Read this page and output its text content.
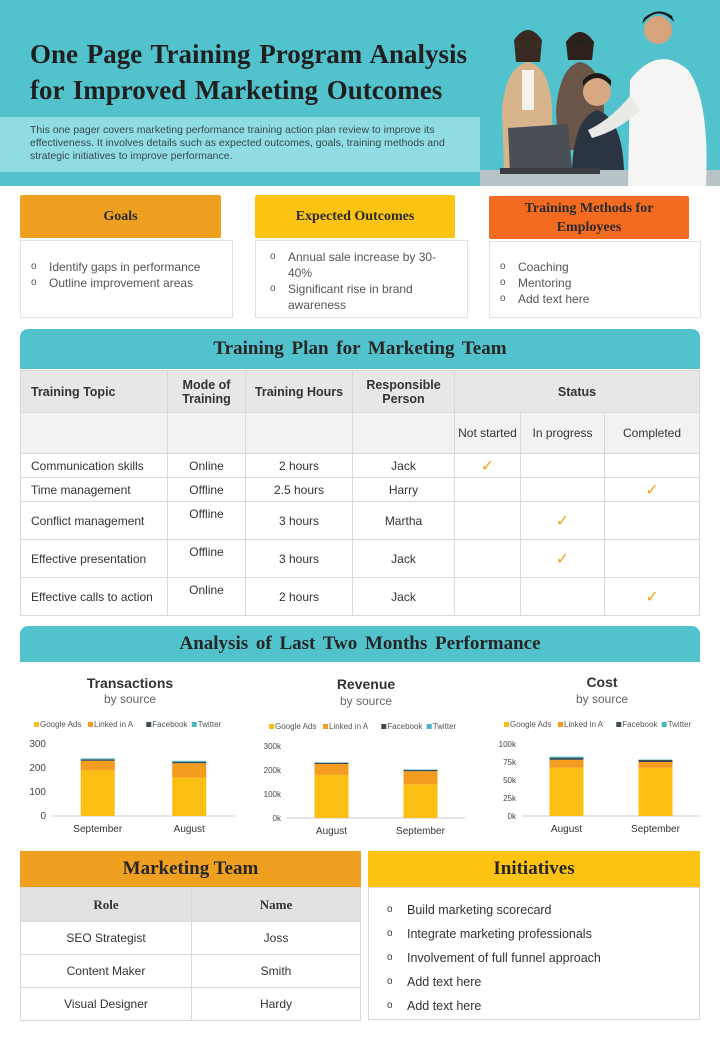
One Page Training Program Analysis for Improved Marketing Outcomes
This one pager covers marketing performance training action plan review to improve its effectiveness. It involves details such as expected outcomes, goals, training methods and strategic initiatives to improve performance.
Goals
o Identify gaps in performance
o Outline improvement areas
Expected Outcomes
o Annual sale increase by 30-40%
o Significant rise in brand awareness
Training Methods for Employees
o Coaching
o Mentoring
o Add text here
Training Plan for Marketing Team
Training Topic	Mode of Training	Training Hours	Responsible Person	Status		
				Not started	In progress	Completed
Communication skills	Online	2 hours	Jack	✓		
Time management	Offline	2.5 hours	Harry			✓
Conflict management	Offline	3 hours	Martha		✓	
Effective presentation	Offline	3 hours	Jack		✓	
Effective calls to action	Online	2 hours	Jack			✓
Analysis of Last Two Months Performance
Transactions
by source
Google Ads Linked in A Facebook Twitter
0
100
200
300
September	August
Revenue
by source
Google Ads Linked in A Facebook Twitter
0k
100k
200k
300k
August	September
Cost
by source
Google Ads Linked in A Facebook Twitter
0k
25k
50k
75k
100k
August	September
Marketing Team
Role	Name
SEO Strategist	Joss
Content Maker	Smith
Visual Designer	Hardy
Initiatives
o Build marketing scorecard
o Integrate marketing professionals
o Involvement of full funnel approach
o Add text here
o Add text here
